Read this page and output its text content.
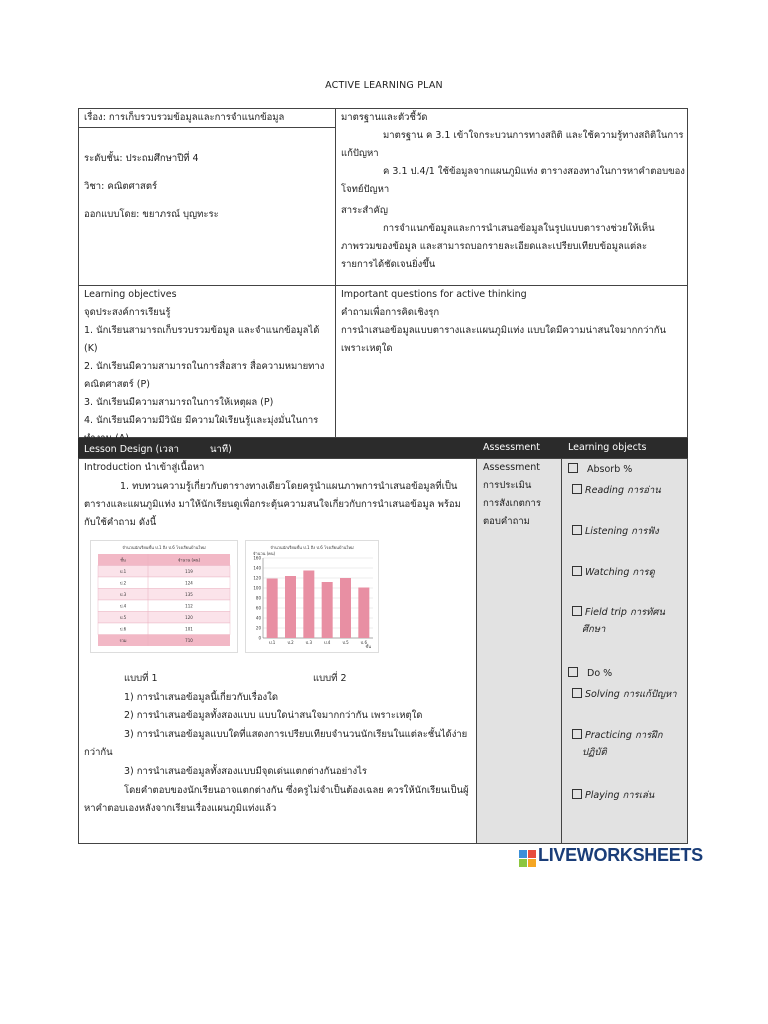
ACTIVE LEARNING PLAN
เรื่อง: การเก็บรวบรวมข้อมูลและการจำแนกข้อมูล
ระดับชั้น: ประถมศึกษาปีที่ 4
วิชา: คณิตศาสตร์
ออกแบบโดย: ขยาภรณ์ บุญทะระ

มาตรฐานและตัวชี้วัด

มาตรฐาน ค 3.1 เข้าใจกระบวนการทางสถิติ และใช้ความรู้ทางสถิติในการ

แก้ปัญหา

ค 3.1 ป.4/1 ใช้ข้อมูลจากแผนภูมิแท่ง ตารางสองทางในการหาคำตอบของ

โจทย์ปัญหา

สาระสำคัญ

การจำแนกข้อมูลและการนำเสนอข้อมูลในรูปแบบตารางช่วยให้เห็น

ภาพรวมของข้อมูล และสามารถบอกรายละเอียดและเปรียบเทียบข้อมูลแต่ละ

รายการได้ชัดเจนยิ่งขึ้น

Learning objectives

จุดประสงค์การเรียนรู้

1. นักเรียนสามารถเก็บรวบรวมข้อมูล และจำแนกข้อมูลได้ (K)

2. นักเรียนมีความสามารถในการสื่อสาร สื่อความหมายทาง

คณิตศาสตร์ (P)

3. นักเรียนมีความสามารถในการให้เหตุผล (P)

4. นักเรียนมีความมีวินัย มีความใฝ่เรียนรู้และมุ่งมั่นในการ

Important questions for active thinking

คำถามเพื่อการคิดเชิงรุก

การนำเสนอข้อมูลแบบตารางและแผนภูมิแท่ง แบบใดมีความน่าสนใจมากกว่ากัน

เพราะเหตุใด

Lesson Design (เวลา	นาที)	Assessment	Learning objects

Introduction นำเข้าสู่เนื้อหา

1. ทบทวนความรู้เกี่ยวกับตารางทางเดียวโดยครูนำแผนภาพการนำเสนอข้อมูลที่เป็น

ตารางและแผนภูมิแท่ง มาให้นักเรียนดูเพื่อกระตุ้นความสนใจเกี่ยวกับการนำเสนอข้อมูล พร้อม

กับใช้คำถาม ดังนี้

จำนวนนักเรียนชั้น ป.1 ถึง ป.6 โรงเรียนบ้านใหม่
ชั้น	จำนวน (คน)
ป.1	119
ป.2	124
ป.3	135
ป.4	112
ป.5	120
ป.6	101
รวม	710
จำนวนนักเรียนชั้น ป.1 ถึง ป.6 โรงเรียนบ้านใหม่
จำนวน (คน)
ชั้น
0
20
40
60
80
100
120
140
160
ป.1	ป.2	ป.3	ป.4	ป.5	ป.6
แบบที่ 1	แบบที่ 2

1) การนำเสนอข้อมูลนี้เกี่ยวกับเรื่องใด

2) การนำเสนอข้อมูลทั้งสองแบบ แบบใดน่าสนใจมากกว่ากัน เพราะเหตุใด

3) การนำเสนอข้อมูลแบบใดที่แสดงการเปรียบเทียบจำนวนนักเรียนในแต่ละชั้นได้ง่าย

กว่ากัน

3) การนำเสนอข้อมูลทั้งสองแบบมีจุดเด่นแตกต่างกันอย่างไร

โดยคำตอบของนักเรียนอาจแตกต่างกัน ซึ่งครูไม่จำเป็นต้องเฉลย ควรให้นักเรียนเป็นผู้

หาคำตอบเองหลังจากเรียนเรื่องแผนภูมิแท่งแล้ว

Assessment

การประเมิน

การสังเกตการ

ตอบคำถาม

Absorb %
Reading การอ่าน
Listening การฟัง
Watching การดู
Field trip การทัศน
ศึกษา
Do %
Solving การแก้ปัญหา
Practicing การฝึก
ปฏิบัติ
Playing การเล่น
LIVEWORKSHEETS
